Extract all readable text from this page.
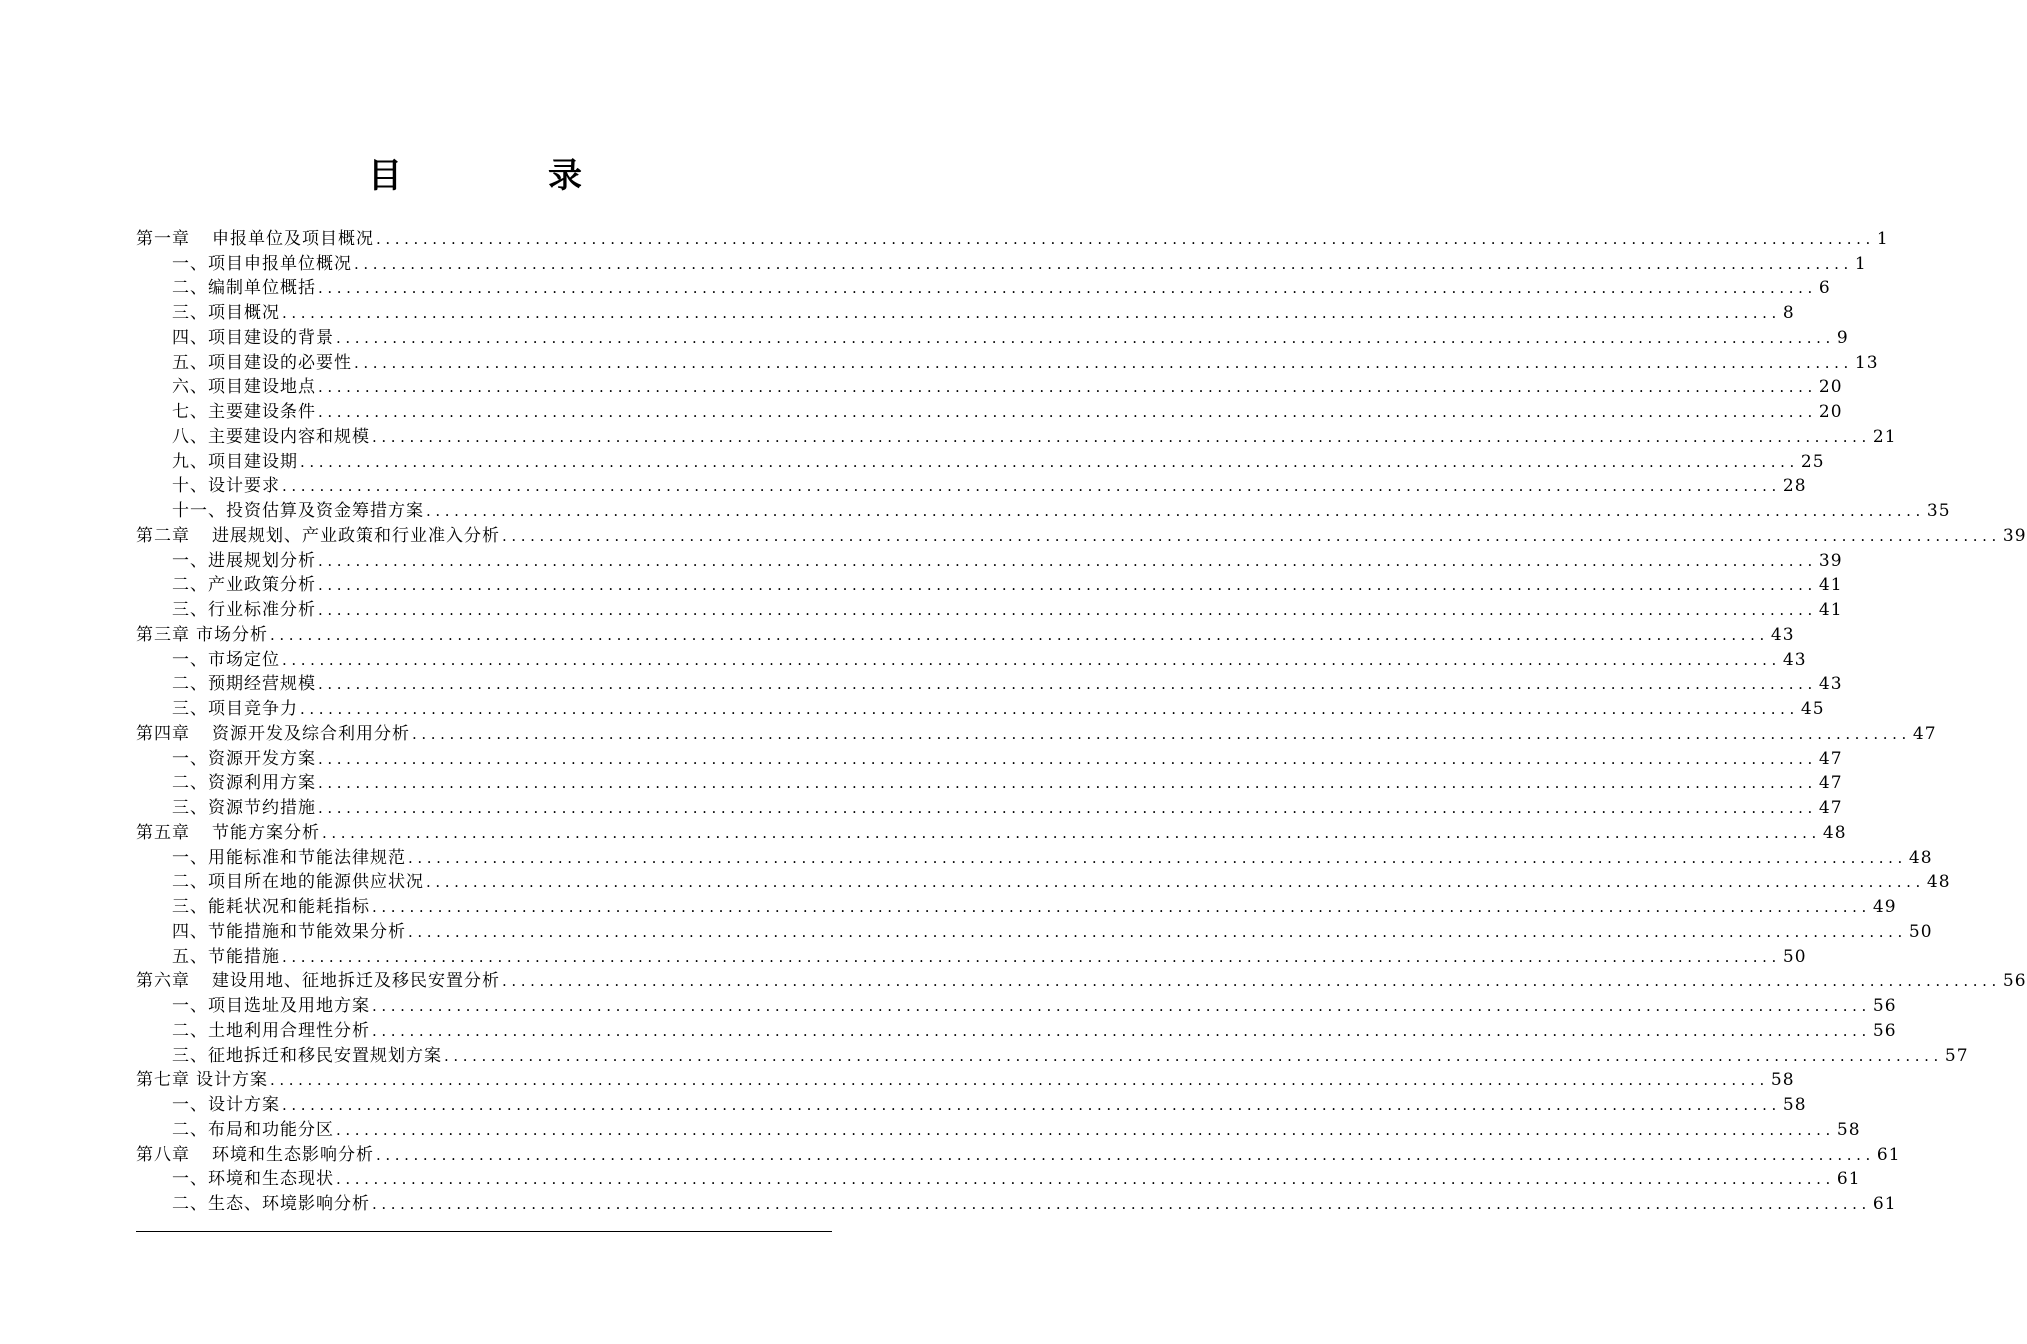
目　录
第一章 申报单位及项目概况 ................................................................................................................................................................ 1
一、项目申报单位概况 ................................................................................................................................................................ 1
二、编制单位概括 ................................................................................................................................................................ 6
三、项目概况 ................................................................................................................................................................ 8
四、项目建设的背景 ................................................................................................................................................................ 9
五、项目建设的必要性 ................................................................................................................................................................ 13
六、项目建设地点 ................................................................................................................................................................ 20
七、主要建设条件 ................................................................................................................................................................ 20
八、主要建设内容和规模 ................................................................................................................................................................ 21
九、项目建设期 ................................................................................................................................................................ 25
十、设计要求 ................................................................................................................................................................ 28
十一、投资估算及资金筹措方案 ................................................................................................................................................................ 35
第二章 进展规划、产业政策和行业准入分析 ................................................................................................................................................................ 39
一、进展规划分析 ................................................................................................................................................................ 39
二、产业政策分析 ................................................................................................................................................................ 41
三、行业标准分析 ................................................................................................................................................................ 41
第三章 市场分析 ................................................................................................................................................................ 43
一、市场定位 ................................................................................................................................................................ 43
二、预期经营规模 ................................................................................................................................................................ 43
三、项目竞争力 ................................................................................................................................................................ 45
第四章 资源开发及综合利用分析 ................................................................................................................................................................ 47
一、资源开发方案 ................................................................................................................................................................ 47
二、资源利用方案 ................................................................................................................................................................ 47
三、资源节约措施 ................................................................................................................................................................ 47
第五章 节能方案分析 ................................................................................................................................................................ 48
一、用能标准和节能法律规范 ................................................................................................................................................................ 48
二、项目所在地的能源供应状况 ................................................................................................................................................................ 48
三、能耗状况和能耗指标 ................................................................................................................................................................ 49
四、节能措施和节能效果分析 ................................................................................................................................................................ 50
五、节能措施 ................................................................................................................................................................ 50
第六章 建设用地、征地拆迁及移民安置分析 ................................................................................................................................................................ 56
一、项目选址及用地方案 ................................................................................................................................................................ 56
二、土地利用合理性分析 ................................................................................................................................................................ 56
三、征地拆迁和移民安置规划方案 ................................................................................................................................................................ 57
第七章 设计方案 ................................................................................................................................................................ 58
一、设计方案 ................................................................................................................................................................ 58
二、布局和功能分区 ................................................................................................................................................................ 58
第八章 环境和生态影响分析 ................................................................................................................................................................ 61
一、环境和生态现状 ................................................................................................................................................................ 61
二、生态、环境影响分析 ................................................................................................................................................................ 61
